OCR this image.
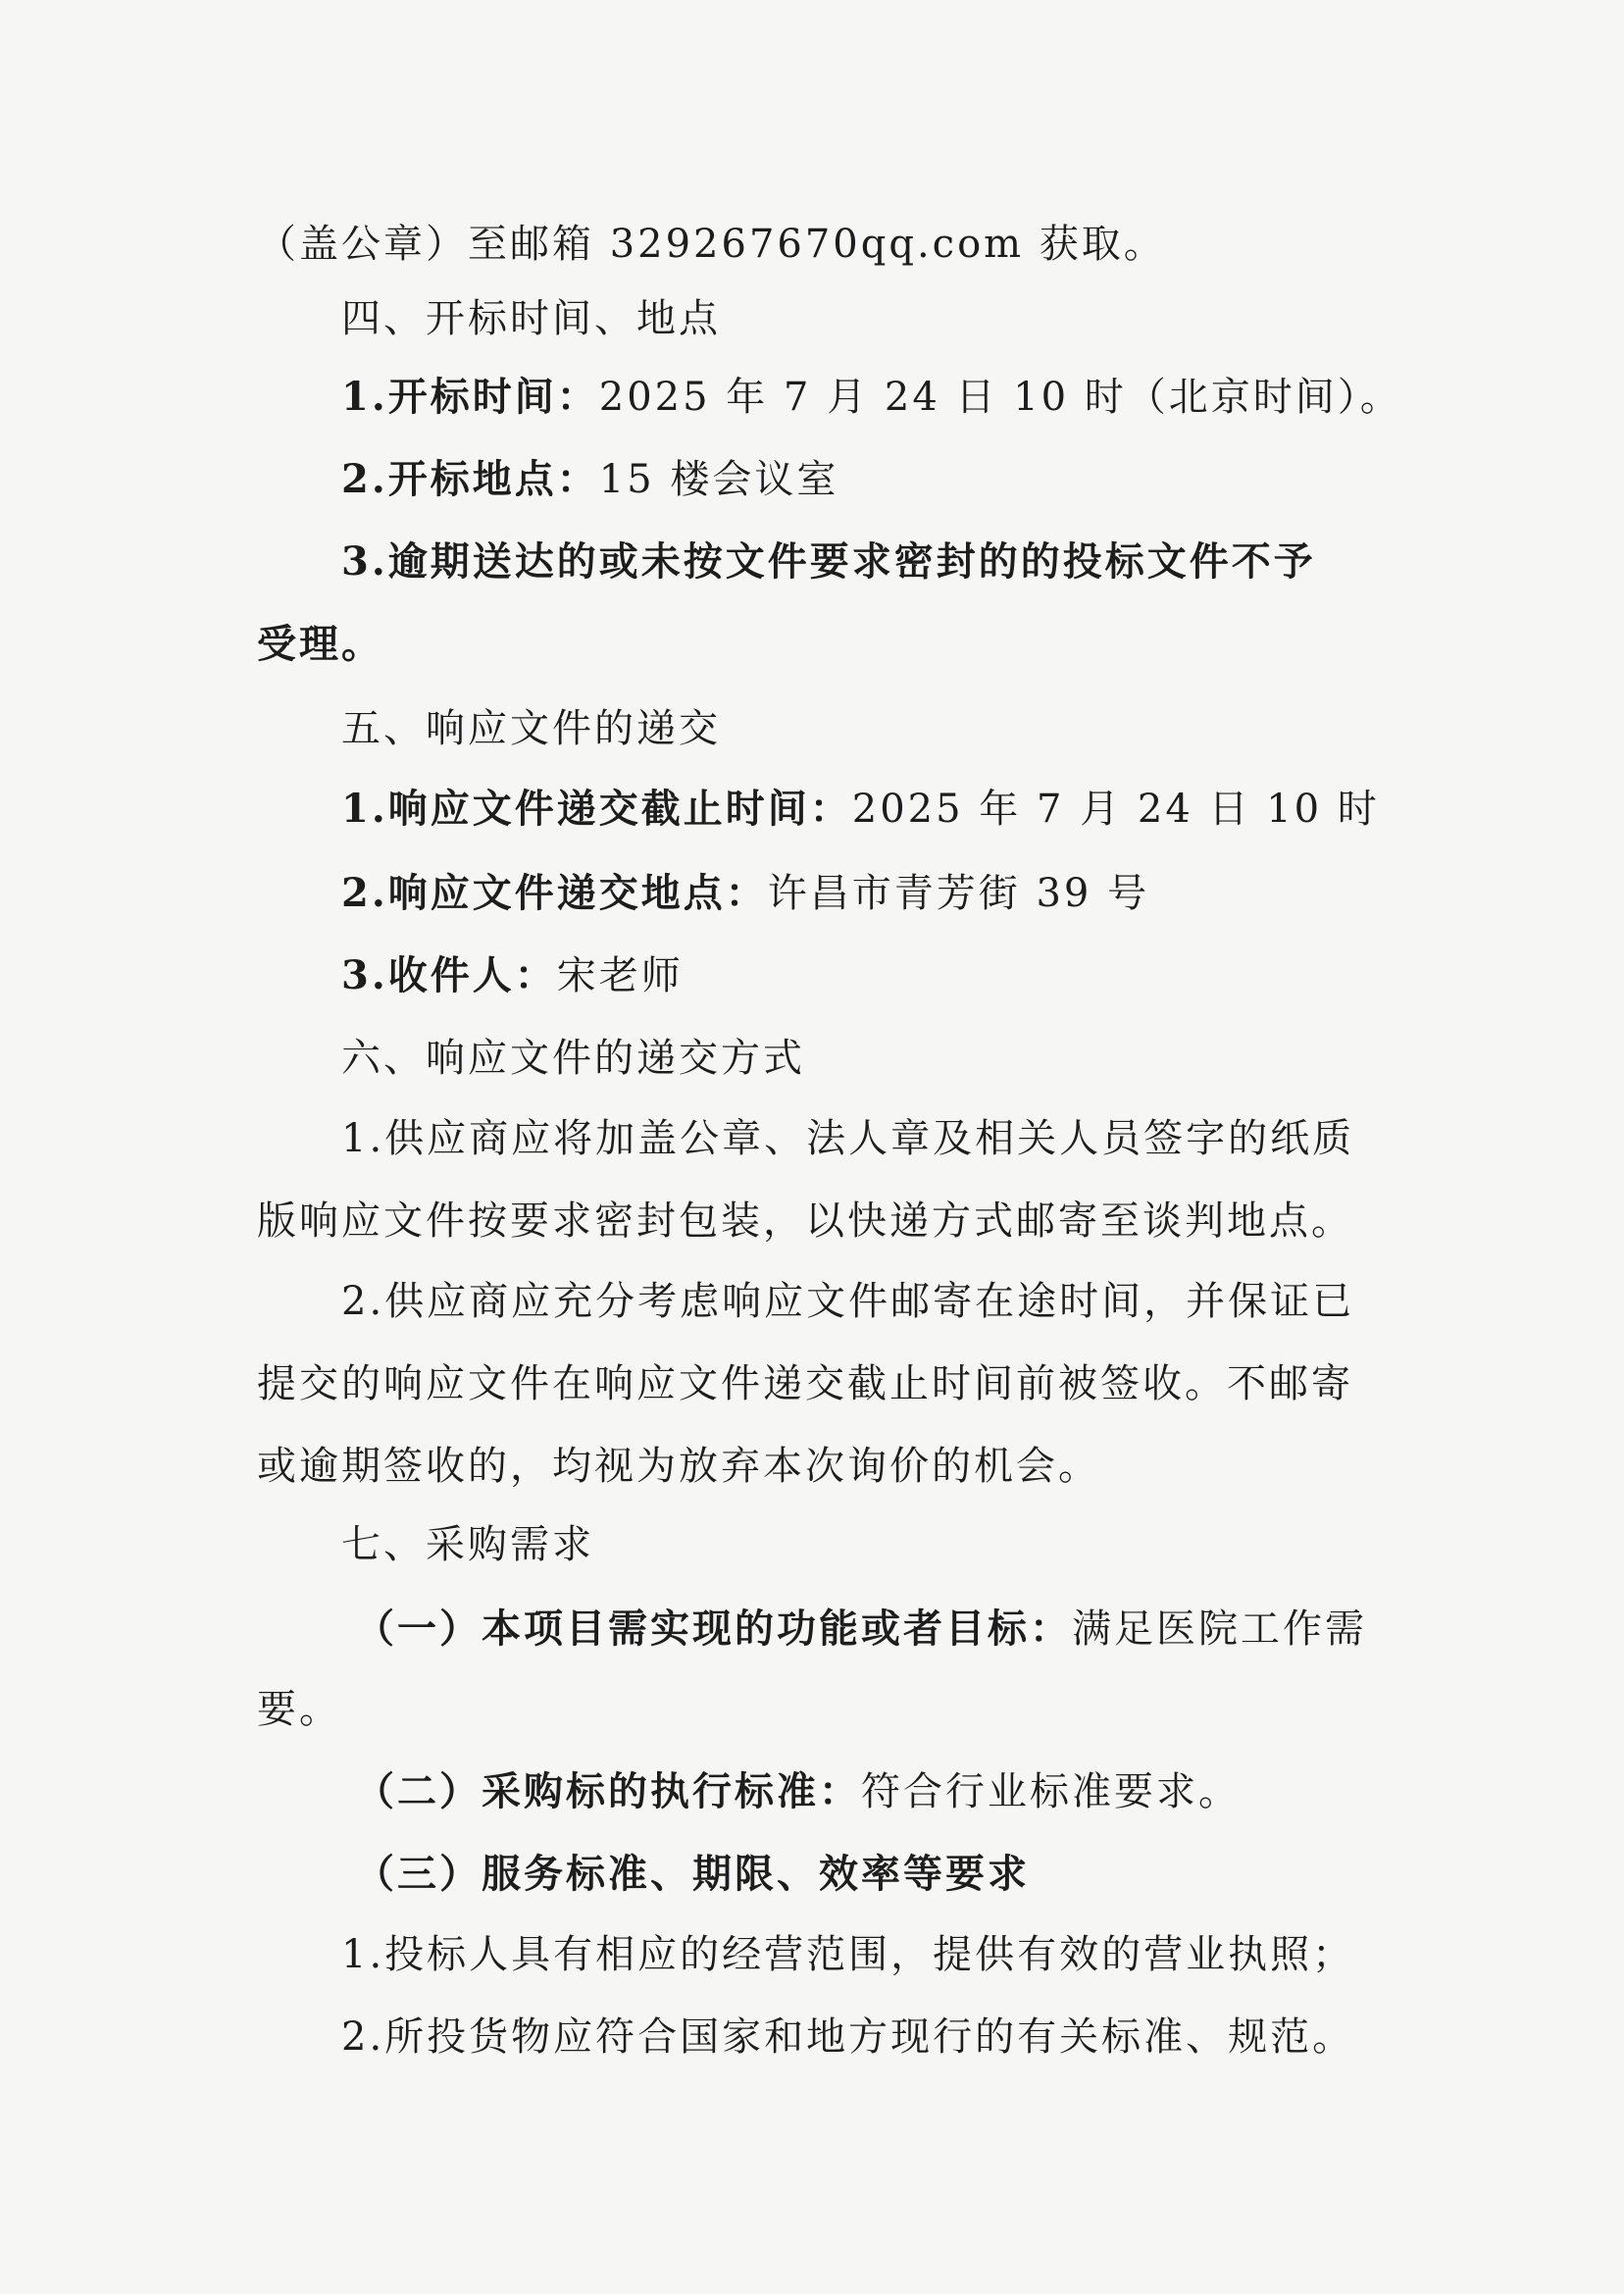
（盖公章）至邮箱 329267670qq.com 获取。
四、开标时间、地点
1.开标时间：2025 年 7 月 24 日 10 时（北京时间）。
2.开标地点：15 楼会议室
3.逾期送达的或未按文件要求密封的的投标文件不予
受理。
五、响应文件的递交
1.响应文件递交截止时间：2025 年 7 月 24 日 10 时
2.响应文件递交地点：许昌市青芳街 39 号
3.收件人：宋老师
六、响应文件的递交方式
1.供应商应将加盖公章、法人章及相关人员签字的纸质
版响应文件按要求密封包装，以快递方式邮寄至谈判地点。
2.供应商应充分考虑响应文件邮寄在途时间，并保证已
提交的响应文件在响应文件递交截止时间前被签收。不邮寄
或逾期签收的，均视为放弃本次询价的机会。
七、采购需求
（一）本项目需实现的功能或者目标：满足医院工作需
要。
（二）采购标的执行标准：符合行业标准要求。
（三）服务标准、期限、效率等要求
1.投标人具有相应的经营范围，提供有效的营业执照；
2.所投货物应符合国家和地方现行的有关标准、规范。
